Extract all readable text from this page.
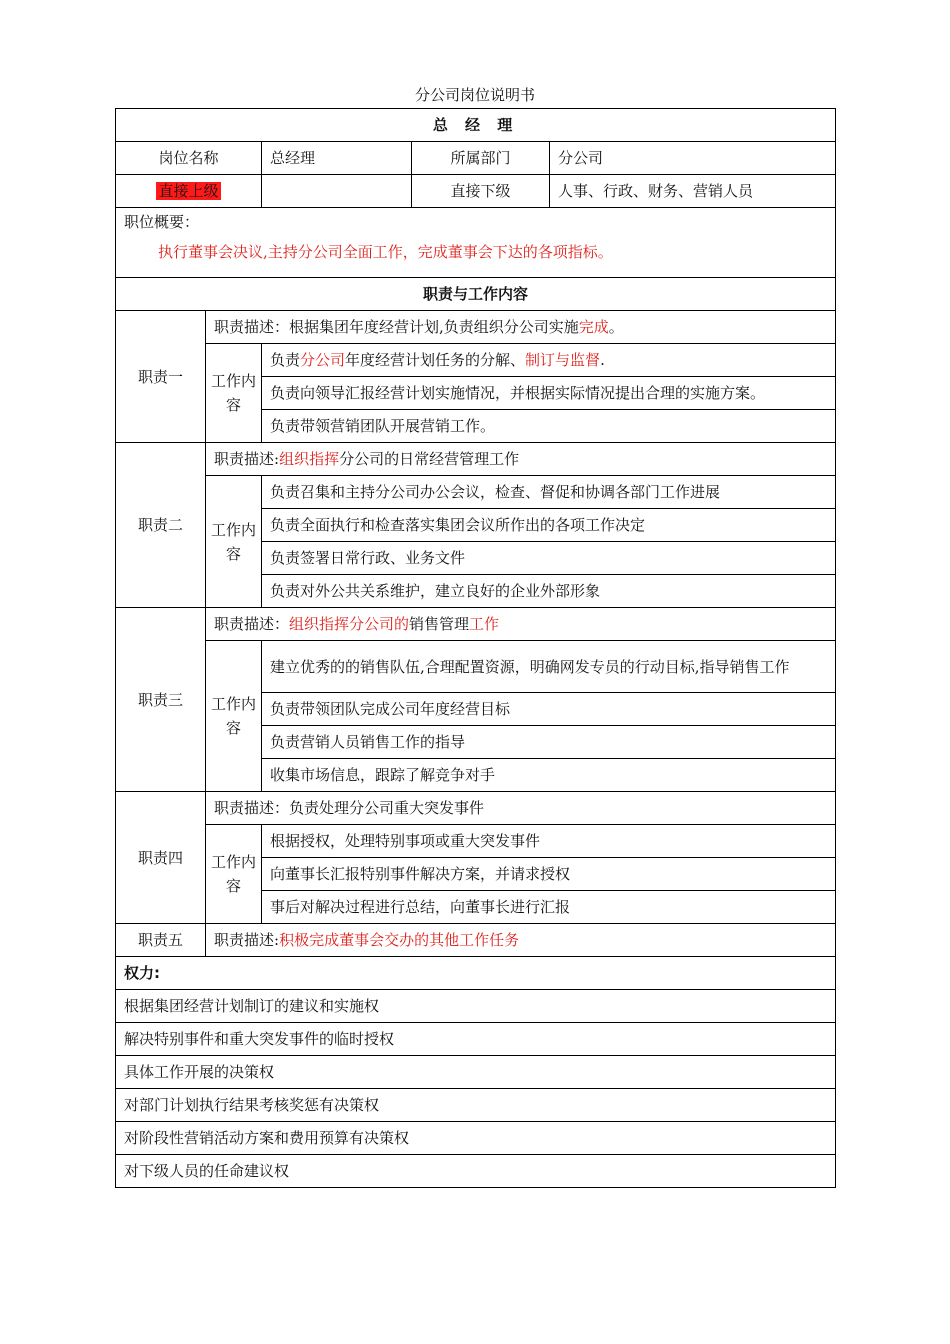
分公司岗位说明书
总 经 理				
岗位名称		总经理	所属部门	分公司
直接上级			直接下级	人事、行政、财务、营销人员

职位概要：
执行董事会决议,主持分公司全面工作，完成董事会下达的各项指标。				

职责与工作内容				
职责一	职责描述：根据集团年度经营计划,负责组织分公司实施完成。			
	工作内容	负责分公司年度经营计划任务的分解、制订与监督.		
		负责向领导汇报经营计划实施情况，并根据实际情况提出合理的实施方案。		
		负责带领营销团队开展营销工作。		
职责二	职责描述:组织指挥分公司的日常经营管理工作			
	工作内容	负责召集和主持分公司办公会议，检查、督促和协调各部门工作进展		
		负责全面执行和检查落实集团会议所作出的各项工作决定		
		负责签署日常行政、业务文件		
		负责对外公共关系维护，建立良好的企业外部形象		
职责三	职责描述：组织指挥分公司的销售管理工作			
	工作内容	建立优秀的的销售队伍,合理配置资源，明确网发专员的行动目标,指导销售工作		
		负责带领团队完成公司年度经营目标		
		负责营销人员销售工作的指导		
		收集市场信息，跟踪了解竞争对手		
职责四	职责描述：负责处理分公司重大突发事件			
	工作内容	根据授权，处理特别事项或重大突发事件		
		向董事长汇报特别事件解决方案，并请求授权		
		事后对解决过程进行总结，向董事长进行汇报		
职责五	职责描述:积极完成董事会交办的其他工作任务			
权力:				
根据集团经营计划制订的建议和实施权				
解决特别事件和重大突发事件的临时授权				
具体工作开展的决策权				
对部门计划执行结果考核奖惩有决策权				
对阶段性营销活动方案和费用预算有决策权				
对下级人员的任命建议权				
